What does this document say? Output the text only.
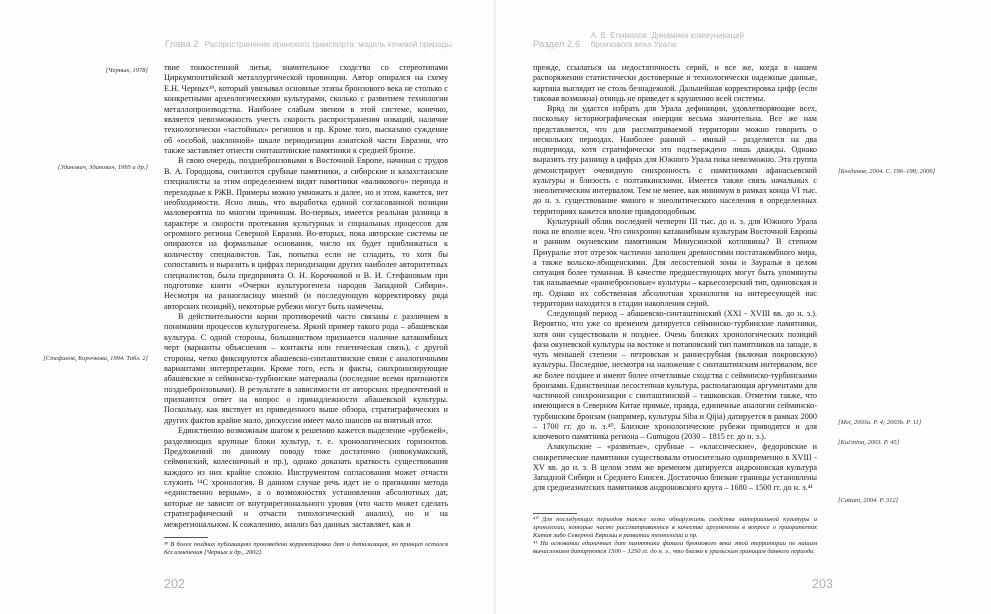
Глава 2 Распространение иранского транспорта: модель кочевой природы	Раздел 2.6 А. В. Епимахов. Динамика коммуникаций
бронзового века Урала

твие тонкостенной литья, значительное сходство со стереотипами Циркумпонтийской металлургической провинции. Автор опирался на схему Е.Н. Черных¹⁹, который увязывал основные этапы бронзового века не столько с конкретными археологическими культурами, сколько с развитием технологии металлопроизводства. Наиболее слабым звеном в этой системе, конечно, является невозможность учесть скорость распространения новаций, наличие технологически «застойных» регионов и пр. Кроме того, высказано суждение об «особой, наклонной» шкале периодизации азиатской части Евразии, что также заставляет отнести синташтинские памятники к средней бронзе.

В свою очередь, позднебронзовыми в Восточной Европе, начиная с трудов В. А. Городцова, считаются срубные памятники, а сибирские и казахстанские специалисты за этим определением видят памятники «валиковогo» периода и переходные к РЖВ. Примеры можно умножать и далее, но и этом, кажется, нет необходимости. Ясно лишь, что выработка единой согласованной позиции маловероятна по многим причинам. Во-первых, имеется реальная разница в характере и скорости протекания культурных и социальных процессов для огромного региона Северной Евразии. Во-вторых, пока авторские системы не опираются на формальные основания, число их будет приближаться к количеству специалистов. Так, попытка если не сгладить, то хотя бы сопоставить и выразить в цифрах периодизации других наиболее авторитетных специалистов, была предпринята О. Н. Корочковой и В. И. Стефановым при подготовке книги «Очерки культурогенеза народов Западной Сибири». Несмотря на разногласицу мнений (и последующую корректировку ряда авторских позиций), некоторые рубежи могут быть намечены.

В действительности корни противоречий часто связаны с различием в понимании процессов культурогенеза. Яркий пример такого рода – абашевская культура. С одной стороны, большинством признается наличие катакомбных черт (варианты объяснения – контакты или генетическая связь), с другой стороны, четко фиксируются абашевско-синташтинские связи с аналогичными вариантами интерпретации. Кроме того, есть и факты, синхронизирующие абашевские и сейминско-турбинские материалы (последние всеми признаются позднебронзовыми). В результате в зависимости от авторских предпочтений и признаются ответ на вопрос о принадлежности абашевской культуры. Поскольку, как явствует из приведенного выше обзора, стратиграфических и других фактов крайне мало, дискуссия имеет мало шансов на внятный итог.

Единственно возможным шагом к решению кажется выделение «рубежей», разделяющих крупные блоки культур, т. е. хронологических горизонтов. Предложений по данному поводу тоже достаточно (новокумакский, сейминский, колесничный и пр.), однако доказать краткость существования каждого из них крайне сложно. Инструментом согласования может отчасти служить ¹⁴С хронология. В данном случае речь идет не о признании метода «единственно верным», а о возможностях установления абсолютных дат, которые не зависят от внутрирегионального уровня (что часто может сделать стратиграфический и отчасти типологический анализ), но и на межрегиональном. К сожалению, анализ баз данных заставляет, как и

[Черных, 1978]
[Зданович, Зданович, 1995 и др.]
[Стефанов, Корочкова, 1994. Табл. 2]

³⁹ В более поздних публикациях произведена корректировка дат и детализация, но принцип остался без изменения [Черных и др., 2002].

202

прежде, ссылаться на недостаточность серий, и все же, когда в нашем распоряжении статистически достоверные и технологически надежные данные, картина выглядит не столь безнадежной. Дальнейшая корректировка цифр (если таковая возможна) отнюдь не приведет к крушению всей системы.

Вряд ли удастся избрать для Урала дефиниции, удовлетворяющие всех, поскольку историографическая инерция весьма значительна. Все же нам представляется, что для рассматриваемой территории можно говорить о нескольких периодах. Наиболее ранний – ямный – разделяется на два подпериода, хотя стратифически это подтверждено лишь дважды. Однако выразить эту разницу в цифрах для Южного Урала пока невозможно. Эта группа демонстрирует очевидную синхронность с памятниками афанасьевской культуры и близость с полтавкинскими. Имеется также связь начальных с энеолитическим интервалом. Тем не менее, как минимум в рамках конца VI тыс. до н. э. существование ямного и энеолитического населения в определенных территориях кажется вполне правдоподобным.

Культурный облик последней четверти III тыс. до н. э. для Южного Урала пока не вполне ясен. Что синхронно катакомбным культурам Восточной Европы и ранним окуневским памятникам Минусинской котловины? В степном Приуралье этот отрезок частично заполнен древностями постатакомбного мира, а также вольско-лбищенскими. Для лесостепной зоны и Зауралья в целом ситуация более туманная. В качестве предшествующих могут быть упомянуты так называемые «раннебронзовые» культуры – карьесозерский тип, одиновская и пр. Однако их собственная абсолютная хронология на интересующей нас территории находится в стадии накопления серий.

Следующий период – абашевско-синташтинский (XXI - XVIII вв. до н. э.). Вероятно, что уже со временем датируется сейминско-турбинские памятники, хотя они существовали и позднее. Очень близких хронологических позиций фаза окуневской культуры на востоке и потаповский тип памятников на западе, в чуть меньшей степени – петровская и раннесрубная (включая покровскую) культуры. Последние, несмотря на наложение с синташтинским интервалом, все же более позднее и имеют более отчетливые сходства с сейминско-турбинскими бронзами. Единственная лесостепная культура, располагающая аргументами для частичной синхронизации с синташтинской – ташковская. Отметим также, что имеющиеся в Северном Китае прямые, правда, единичные аналогии сейминско-турбинским бронзам (например, культуры Siba и Qijia) датируется в рамках 2000 – 1700 гг. до н. э.⁴⁰. Близкие хронологические рубежи приводятся и для ключевого памятника региона – Gumugou (2030 – 1815 гг. до н. э.).

Алакульские – «развитые», срубные – «классические», федоровские и синкретические памятники существовали относительно одновременно в XVIII - XV вв. до н. э. В целом этим же временем датируется андроновская культура Западной Сибири и Среднего Енисея. Достаточно близкие границы установлены для среднеазиатских памятников андроновского круга – 1680 – 1500 гг. до н. э.⁴¹

[Богданов, 2004. С. 196–198; 2006]
[Mei, 2003a. P. 4; 2003b. P. 11]
[Kui'mina, 2003. P. 45]
[Cattani, 2004. P. 312]

⁴⁰ Для последующих периодов также легко обнаружить сходства материальной культуры и хронологии, которые часто рассматриваются в качестве аргументов в вопросе о приоритетах Китая либо Северной Евразии в развитии технологии и пр.

⁴¹ На основании единичных дат памятники финала бронзового века этой территории по нашим вычислениям датируются 1500 – 1250 гг. до н. э., что близко к уральским границам данного периода.

203
